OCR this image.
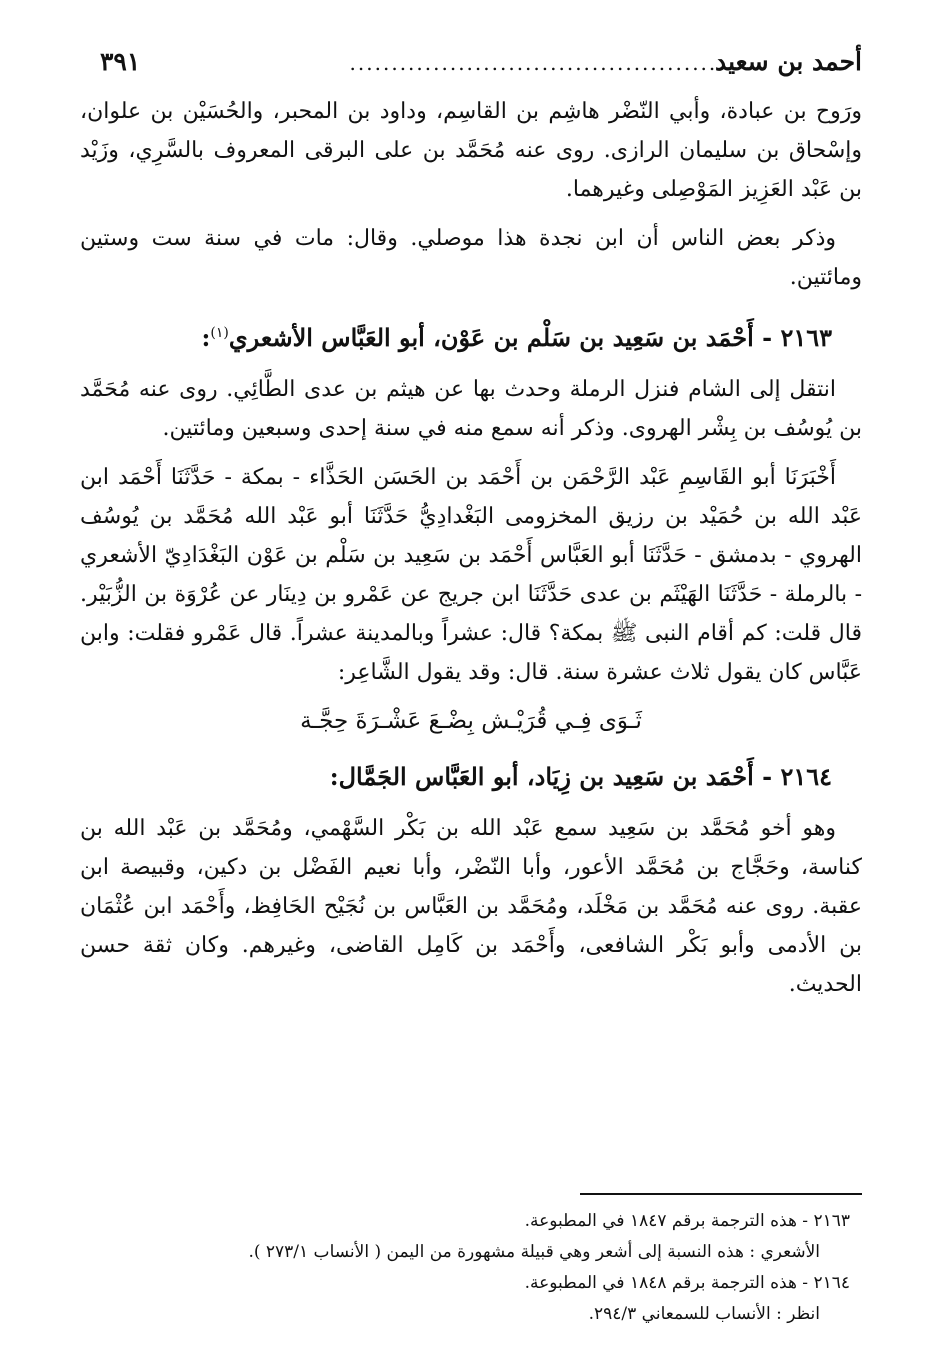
أحمد بن سعيد
..............................................
٣٩١

ورَوح بن عبادة، وأبي النّضْر هاشِم بن القاسِم، وداود بن المحبر، والحُسَيْن بن علوان، وإسْحاق بن سليمان الرازى. روى عنه مُحَمَّد بن على البرقى المعروف بالسَّرِي، وزَيْد بن عَبْد العَزِيز المَوْصِلى وغيرهما.

وذكر بعض الناس أن ابن نجدة هذا موصلي. وقال: مات في سنة ست وستين ومائتين.

٢١٦٣ - أَحْمَد بن سَعِيد بن سَلْم بن عَوْن، أبو العَبَّاس الأشعري$^{(١)}$:

انتقل إلى الشام فنزل الرملة وحدث بها عن هيثم بن عدى الطَّائِي. روى عنه مُحَمَّد بن يُوسُف بن بِشْر الهروى. وذكر أنه سمع منه في سنة إحدى وسبعين ومائتين.

أَخْبَرَنَا أبو القَاسِمِ عَبْد الرَّحْمَن بن أَحْمَد بن الحَسَن الحَذَّاء - بمكة - حَدَّثَنَا أَحْمَد ابن عَبْد الله بن حُمَيْد بن رزيق المخزومى البَغْدادِيُّ حَدَّثَنَا أبو عَبْد الله مُحَمَّد بن يُوسُف الهروي - بدمشق - حَدَّثَنَا أبو العَبَّاس أَحْمَد بن سَعِيد بن سَلْم بن عَوْن البَغْدَادِيّ الأشعري - بالرملة - حَدَّثَنَا الهَيْثَم بن عدى حَدَّثَنَا ابن جريج عن عَمْرو بن دِينَار عن عُرْوَة بن الزُّبَيْر. قال قلت: كم أقام النبى ﷺ بمكة؟ قال: عشراً وبالمدينة عشراً. قال عَمْرو فقلت: وابن عَبَّاس كان يقول ثلاث عشرة سنة. قال: وقد يقول الشَّاعِر:

ثَـوَى فِـي قُرَيْـش بِضْـعَ عَشْـرَةَ حِجَّـة
٢١٦٤ - أَحْمَد بن سَعِيد بن زِيَاد، أبو العَبَّاس الجَمَّال:

وهو أخو مُحَمَّد بن سَعِيد سمع عَبْد الله بن بَكْر السَّهْمي، ومُحَمَّد بن عَبْد الله بن كناسة، وحَجَّاج بن مُحَمَّد الأعور، وأبا النّضْر، وأبا نعيم الفَضْل بن دكين، وقبيصة ابن عقبة. روى عنه مُحَمَّد بن مَخْلَد، ومُحَمَّد بن العَبَّاس بن نُجَيْح الحَافِظ، وأَحْمَد ابن عُثْمَان بن الأدمى وأبو بَكْر الشافعى، وأَحْمَد بن كَامِل القاضى، وغيرهم. وكان ثقة حسن الحديث.

٢١٦٣ - هذه الترجمة برقم ١٨٤٧ في المطبوعة.

الأشعري : هذه النسبة إلى أشعر وهي قبيلة مشهورة من اليمن ( الأنساب ٢٧٣/١ ).

٢١٦٤ - هذه الترجمة برقم ١٨٤٨ في المطبوعة.

انظر : الأنساب للسمعاني ٢٩٤/٣.
